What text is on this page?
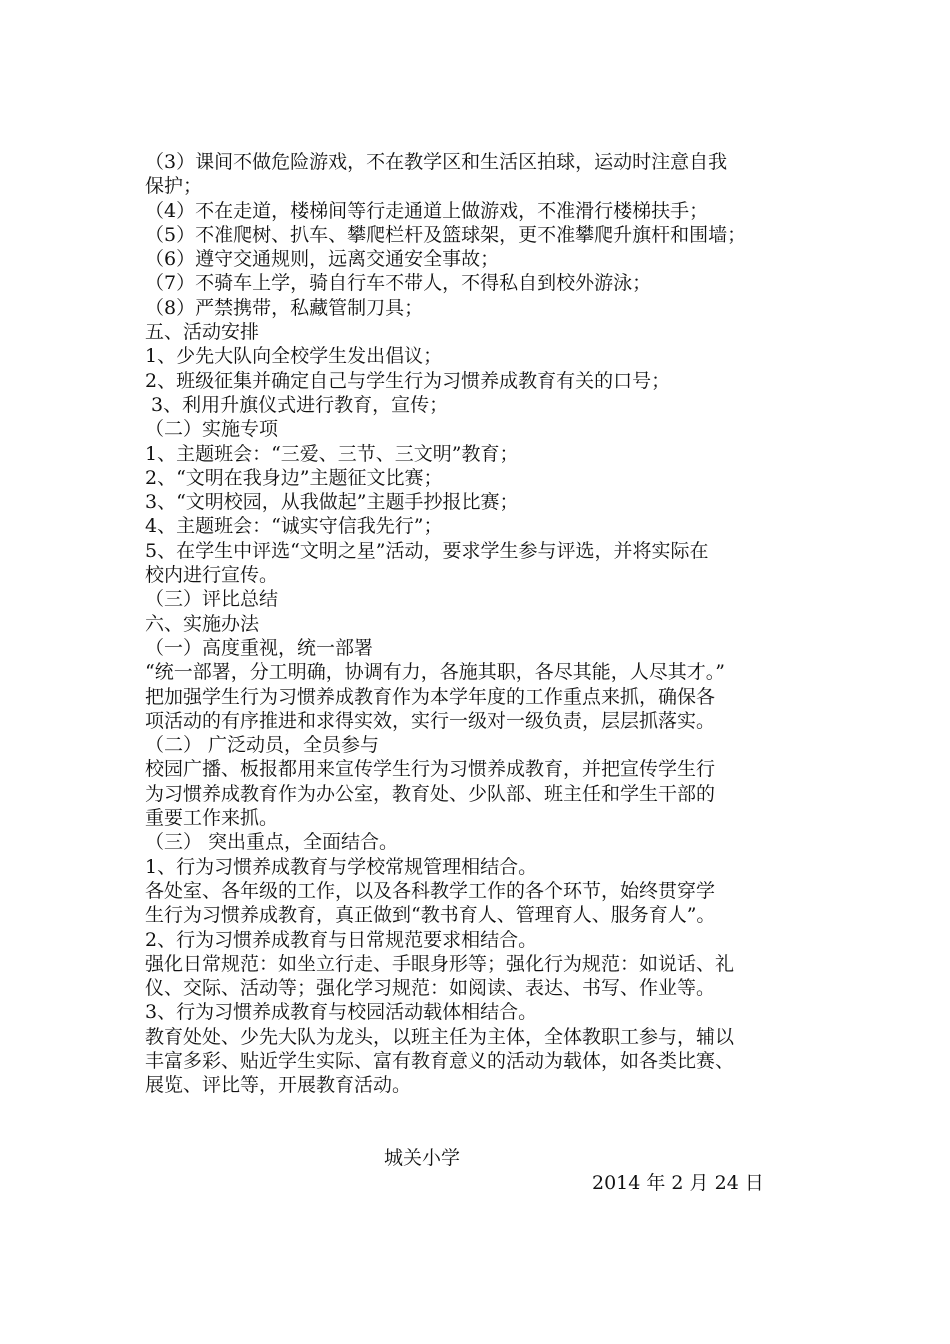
（3）课间不做危险游戏，不在教学区和生活区拍球，运动时注意自我

保护；

（4）不在走道，楼梯间等行走通道上做游戏，不准滑行楼梯扶手；

（5）不准爬树、扒车、攀爬栏杆及篮球架，更不准攀爬升旗杆和围墙；

（6）遵守交通规则，远离交通安全事故；

（7）不骑车上学，骑自行车不带人，不得私自到校外游泳；

（8）严禁携带，私藏管制刀具；

五、活动安排

1、少先大队向全校学生发出倡议；

2、班级征集并确定自己与学生行为习惯养成教育有关的口号；

3、利用升旗仪式进行教育，宣传；

（二）实施专项

1、主题班会：“三爱、三节、三文明”教育；

2、“文明在我身边”主题征文比赛；

3、“文明校园，从我做起”主题手抄报比赛；

4、主题班会：“诚实守信我先行”；

5、在学生中评选“文明之星”活动，要求学生参与评选，并将实际在

校内进行宣传。

（三）评比总结

六、实施办法

（一）高度重视，统一部署

“统一部署，分工明确，协调有力，各施其职，各尽其能，人尽其才。”

把加强学生行为习惯养成教育作为本学年度的工作重点来抓，确保各

项活动的有序推进和求得实效，实行一级对一级负责，层层抓落实。

（二） 广泛动员，全员参与

校园广播、板报都用来宣传学生行为习惯养成教育，并把宣传学生行

为习惯养成教育作为办公室，教育处、少队部、班主任和学生干部的

重要工作来抓。

（三） 突出重点，全面结合。

1、行为习惯养成教育与学校常规管理相结合。

各处室、各年级的工作，以及各科教学工作的各个环节，始终贯穿学

生行为习惯养成教育，真正做到“教书育人、管理育人、服务育人”。

2、行为习惯养成教育与日常规范要求相结合。

强化日常规范：如坐立行走、手眼身形等；强化行为规范：如说话、礼

仪、交际、活动等；强化学习规范：如阅读、表达、书写、作业等。

3、行为习惯养成教育与校园活动载体相结合。

教育处处、少先大队为龙头，以班主任为主体，全体教职工参与，辅以

丰富多彩、贴近学生实际、富有教育意义的活动为载体，如各类比赛、

展览、评比等，开展教育活动。

城关小学
2014 年 2 月 24 日
